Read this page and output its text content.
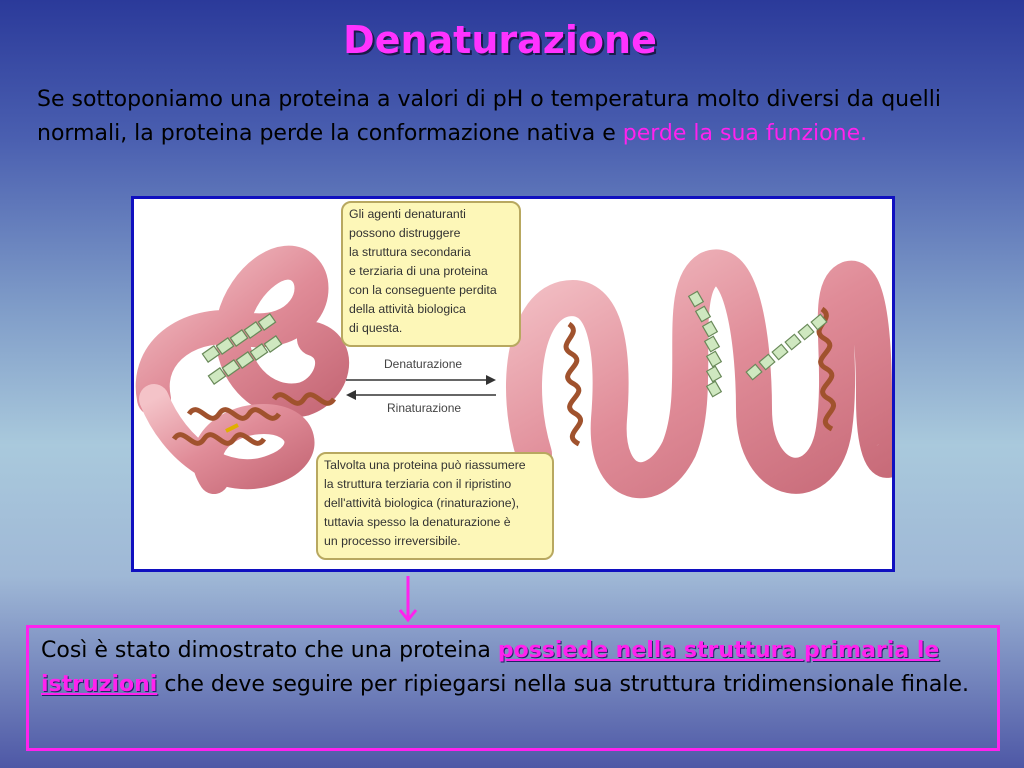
Denaturazione
Se sottoponiamo una proteina a valori di pH o temperatura molto diversi da quelli normali, la proteina perde la conformazione nativa e perde la sua funzione.
Gli agenti denaturanti
possono distruggere
la struttura secondaria
e terziaria di una proteina
con la conseguente perdita
della attività biologica
di questa.
Denaturazione
Rinaturazione
Talvolta una proteina può riassumere
la struttura terziaria con il ripristino
dell'attività biologica (rinaturazione),
tuttavia spesso la denaturazione è
un processo irreversibile.
Così è stato dimostrato che una proteina possiede nella struttura primaria le istruzioni che deve seguire per ripiegarsi nella sua struttura tridimensionale finale.
